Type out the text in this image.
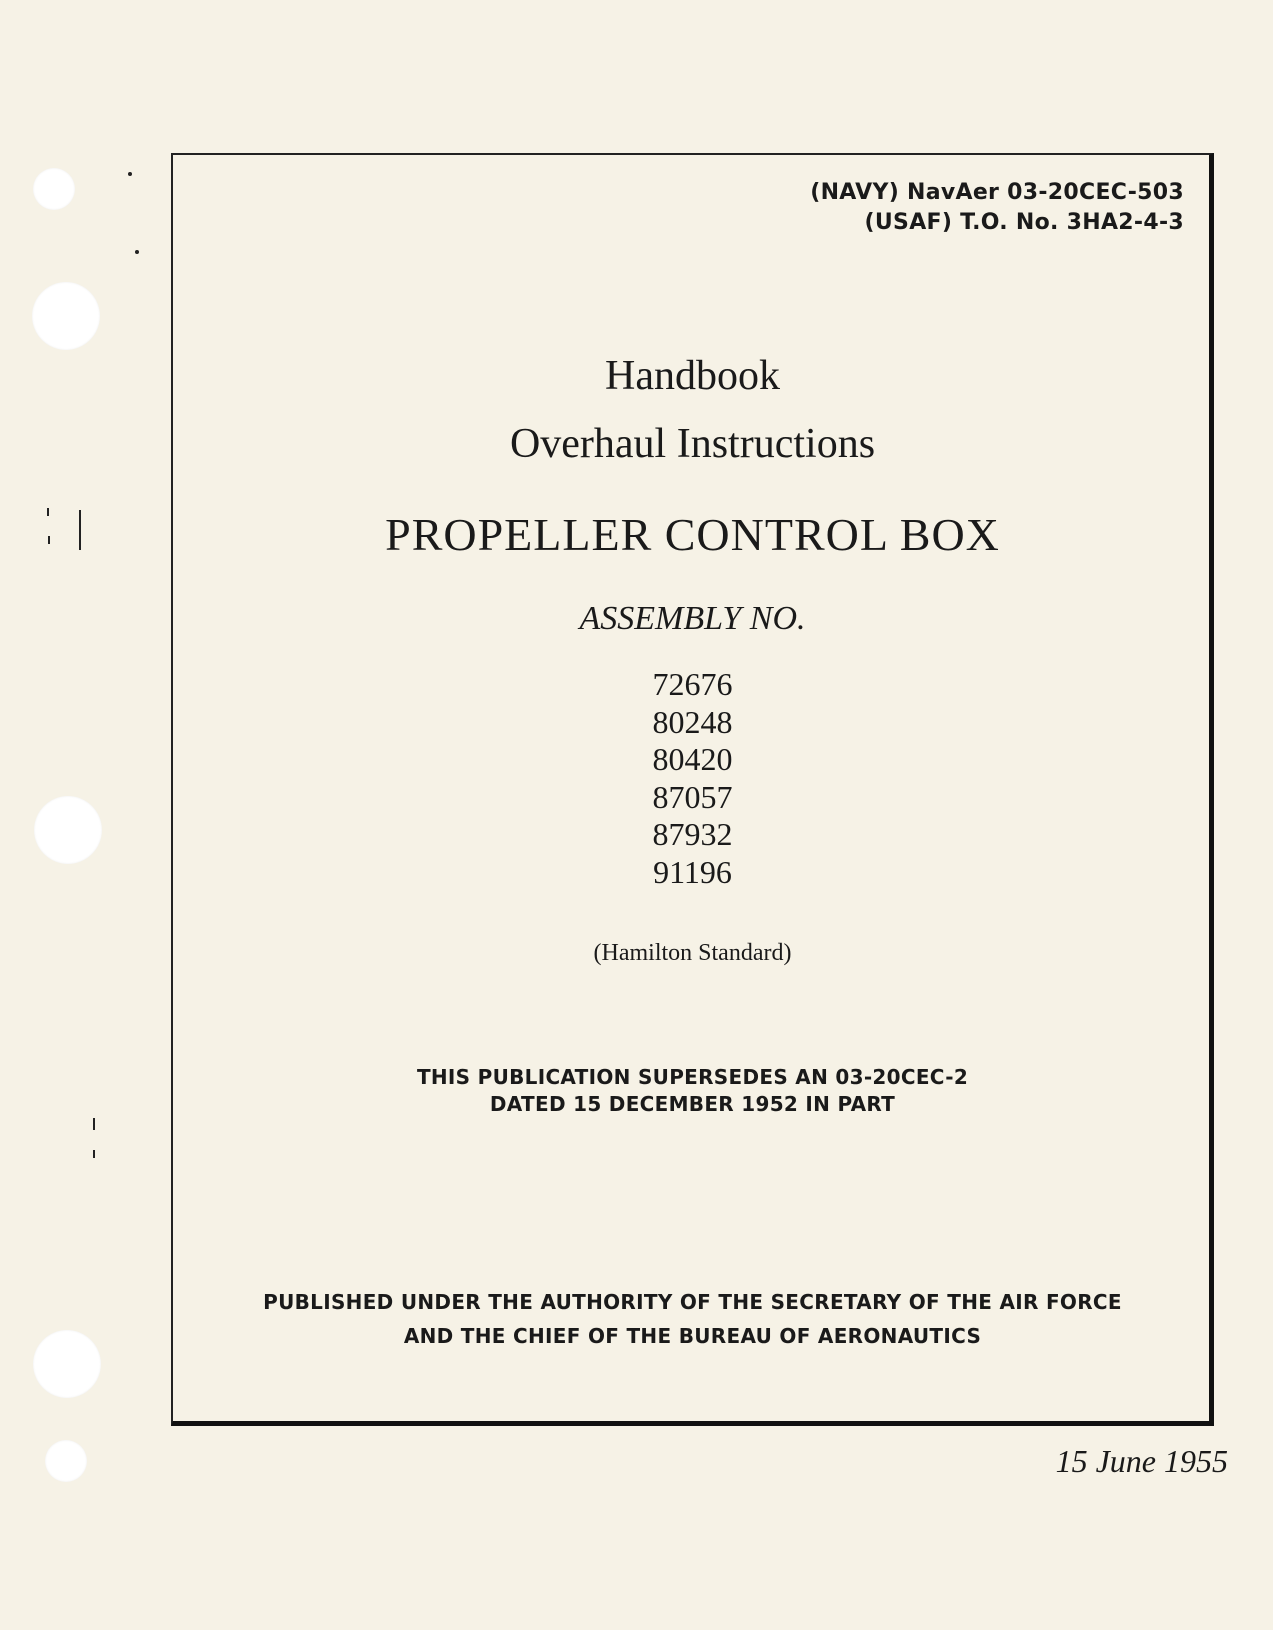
(NAVY) NavAer 03-20CEC-503
(USAF) T.O. No. 3HA2-4-3
Handbook
Overhaul Instructions
PROPELLER CONTROL BOX
ASSEMBLY NO.
72676
80248
80420
87057
87932
91196
(Hamilton Standard)
THIS PUBLICATION SUPERSEDES AN 03-20CEC-2
DATED 15 DECEMBER 1952 IN PART
PUBLISHED UNDER THE AUTHORITY OF THE SECRETARY OF THE AIR FORCE
AND THE CHIEF OF THE BUREAU OF AERONAUTICS
15 June 1955
